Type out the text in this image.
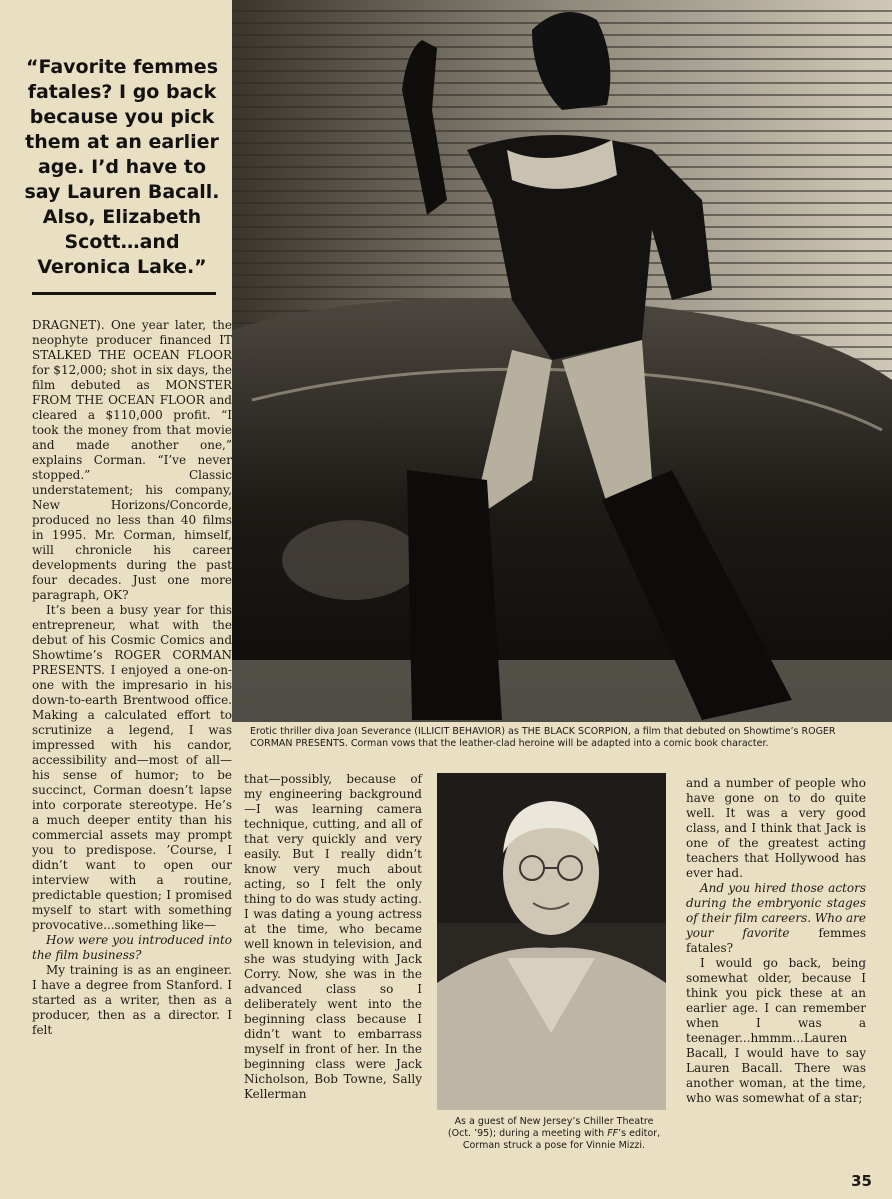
“Favorite femmes fatales? I go back because you pick them at an earlier age. I’d have to say Lauren Bacall. Also, Elizabeth Scott…and Veronica Lake.”

DRAGNET). One year later, the neophyte producer financed IT STALKED THE OCEAN FLOOR for $12,000; shot in six days, the film debuted as MONSTER FROM THE OCEAN FLOOR and cleared a $110,000 profit. “I took the money from that movie and made another one,” explains Corman. “I’ve never stopped.” Classic understatement; his company, New Horizons/Concorde, produced no less than 40 films in 1995. Mr. Corman, himself, will chronicle his career developments during the past four decades. Just one more paragraph, OK?

It’s been a busy year for this entrepreneur, what with the debut of his Cosmic Comics and Showtime’s ROGER CORMAN PRESENTS. I enjoyed a one-on-one with the impresario in his down-to-earth Brentwood office. Making a calculated effort to scrutinize a legend, I was impressed with his candor, accessibility and—most of all—his sense of humor; to be succinct, Corman doesn’t lapse into corporate stereotype. He’s a much deeper entity than his commercial assets may prompt you to predispose. ’Course, I didn’t want to open our interview with a routine, predictable question; I promised myself to start with something provocative...something like—

How were you introduced into the film business?

My training is as an engineer. I have a degree from Stanford. I started as a writer, then as a producer, then as a director. I felt

Erotic thriller diva Joan Severance (ILLICIT BEHAVIOR) as THE BLACK SCORPION, a film that debuted on Showtime’s ROGER CORMAN PRESENTS. Corman vows that the leather-clad heroine will be adapted into a comic book character.

that—possibly, because of my engineering background—I was learning camera technique, cutting, and all of that very quickly and very easily. But I really didn’t know very much about acting, so I felt the only thing to do was study acting. I was dating a young actress at the time, who became well known in television, and she was studying with Jack Corry. Now, she was in the advanced class so I deliberately went into the beginning class because I didn’t want to embarrass myself in front of her. In the beginning class were Jack Nicholson, Bob Towne, Sally Kellerman

As a guest of New Jersey’s Chiller Theatre (Oct. ’95); during a meeting with FF’s editor, Corman struck a pose for Vinnie Mizzi.

and a number of people who have gone on to do quite well. It was a very good class, and I think that Jack is one of the greatest acting teachers that Hollywood has ever had.

And you hired those actors during the embryonic stages of their film careers. Who are your favorite femmes fatales?

I would go back, being somewhat older, because I think you pick these at an earlier age. I can remember when I was a teenager...hmmm...Lauren Bacall, I would have to say Lauren Bacall. There was another woman, at the time, who was somewhat of a star;

35
